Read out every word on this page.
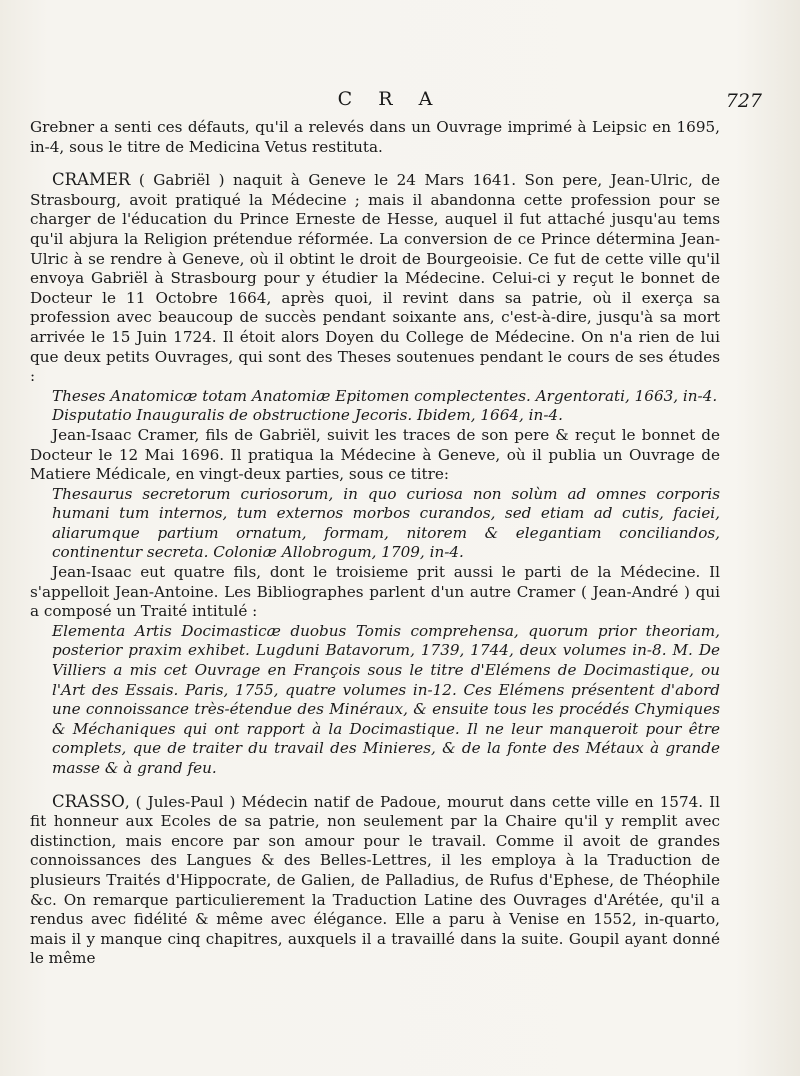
C R A	727

Grebner a senti ces défauts, qu'il a relevés dans un Ouvrage imprimé à Leipsic en 1695, in-4, sous le titre de Medicina Vetus restituta.

CRAMER ( Gabriël ) naquit à Geneve le 24 Mars 1641. Son pere, Jean-Ulric, de Strasbourg, avoit pratiqué la Médecine ; mais il abandonna cette profession pour se charger de l'éducation du Prince Erneste de Hesse, auquel il fut attaché jusqu'au tems qu'il abjura la Religion prétendue réformée. La conversion de ce Prince détermina Jean-Ulric à se rendre à Geneve, où il obtint le droit de Bourgeoisie. Ce fut de cette ville qu'il envoya Gabriël à Strasbourg pour y étudier la Médecine. Celui-ci y reçut le bonnet de Docteur le 11 Octobre 1664, après quoi, il revint dans sa patrie, où il exerça sa profession avec beaucoup de succès pendant soixante ans, c'est-à-dire, jusqu'à sa mort arrivée le 15 Juin 1724. Il étoit alors Doyen du College de Médecine. On n'a rien de lui que deux petits Ouvrages, qui sont des Theses soutenues pendant le cours de ses études :

Theses Anatomicæ totam Anatomiæ Epitomen complectentes. Argentorati, 1663, in-4.

Disputatio Inauguralis de obstructione Jecoris. Ibidem, 1664, in-4.

Jean-Isaac Cramer, fils de Gabriël, suivit les traces de son pere & reçut le bonnet de Docteur le 12 Mai 1696. Il pratiqua la Médecine à Geneve, où il publia un Ouvrage de Matiere Médicale, en vingt-deux parties, sous ce titre:

Thesaurus secretorum curiosorum, in quo curiosa non solùm ad omnes corporis humani tum internos, tum externos morbos curandos, sed etiam ad cutis, faciei, aliarumque partium ornatum, formam, nitorem & elegantiam conciliandos, continentur secreta. Coloniæ Allobrogum, 1709, in-4.

Jean-Isaac eut quatre fils, dont le troisieme prit aussi le parti de la Médecine. Il s'appelloit Jean-Antoine. Les Bibliographes parlent d'un autre Cramer ( Jean-André ) qui a composé un Traité intitulé :

Elementa Artis Docimasticæ duobus Tomis comprehensa, quorum prior theoriam, posterior praxim exhibet. Lugduni Batavorum, 1739, 1744, deux volumes in-8. M. De Villiers a mis cet Ouvrage en François sous le titre d'Elémens de Docimastique, ou l'Art des Essais. Paris, 1755, quatre volumes in-12. Ces Elémens présentent d'abord une connoissance très-étendue des Minéraux, & ensuite tous les procédés Chymiques & Méchaniques qui ont rapport à la Docimastique. Il ne leur manqueroit pour être complets, que de traiter du travail des Minieres, & de la fonte des Métaux à grande masse & à grand feu.

CRASSO, ( Jules-Paul ) Médecin natif de Padoue, mourut dans cette ville en 1574. Il fit honneur aux Ecoles de sa patrie, non seulement par la Chaire qu'il y remplit avec distinction, mais encore par son amour pour le travail. Comme il avoit de grandes connoissances des Langues & des Belles-Lettres, il les employa à la Traduction de plusieurs Traités d'Hippocrate, de Galien, de Palladius, de Rufus d'Ephese, de Théophile &c. On remarque particulierement la Traduction Latine des Ouvrages d'Arétée, qu'il a rendus avec fidélité & même avec élégance. Elle a paru à Venise en 1552, in-quarto, mais il y manque cinq chapitres, auxquels il a travaillé dans la suite. Goupil ayant donné le même
